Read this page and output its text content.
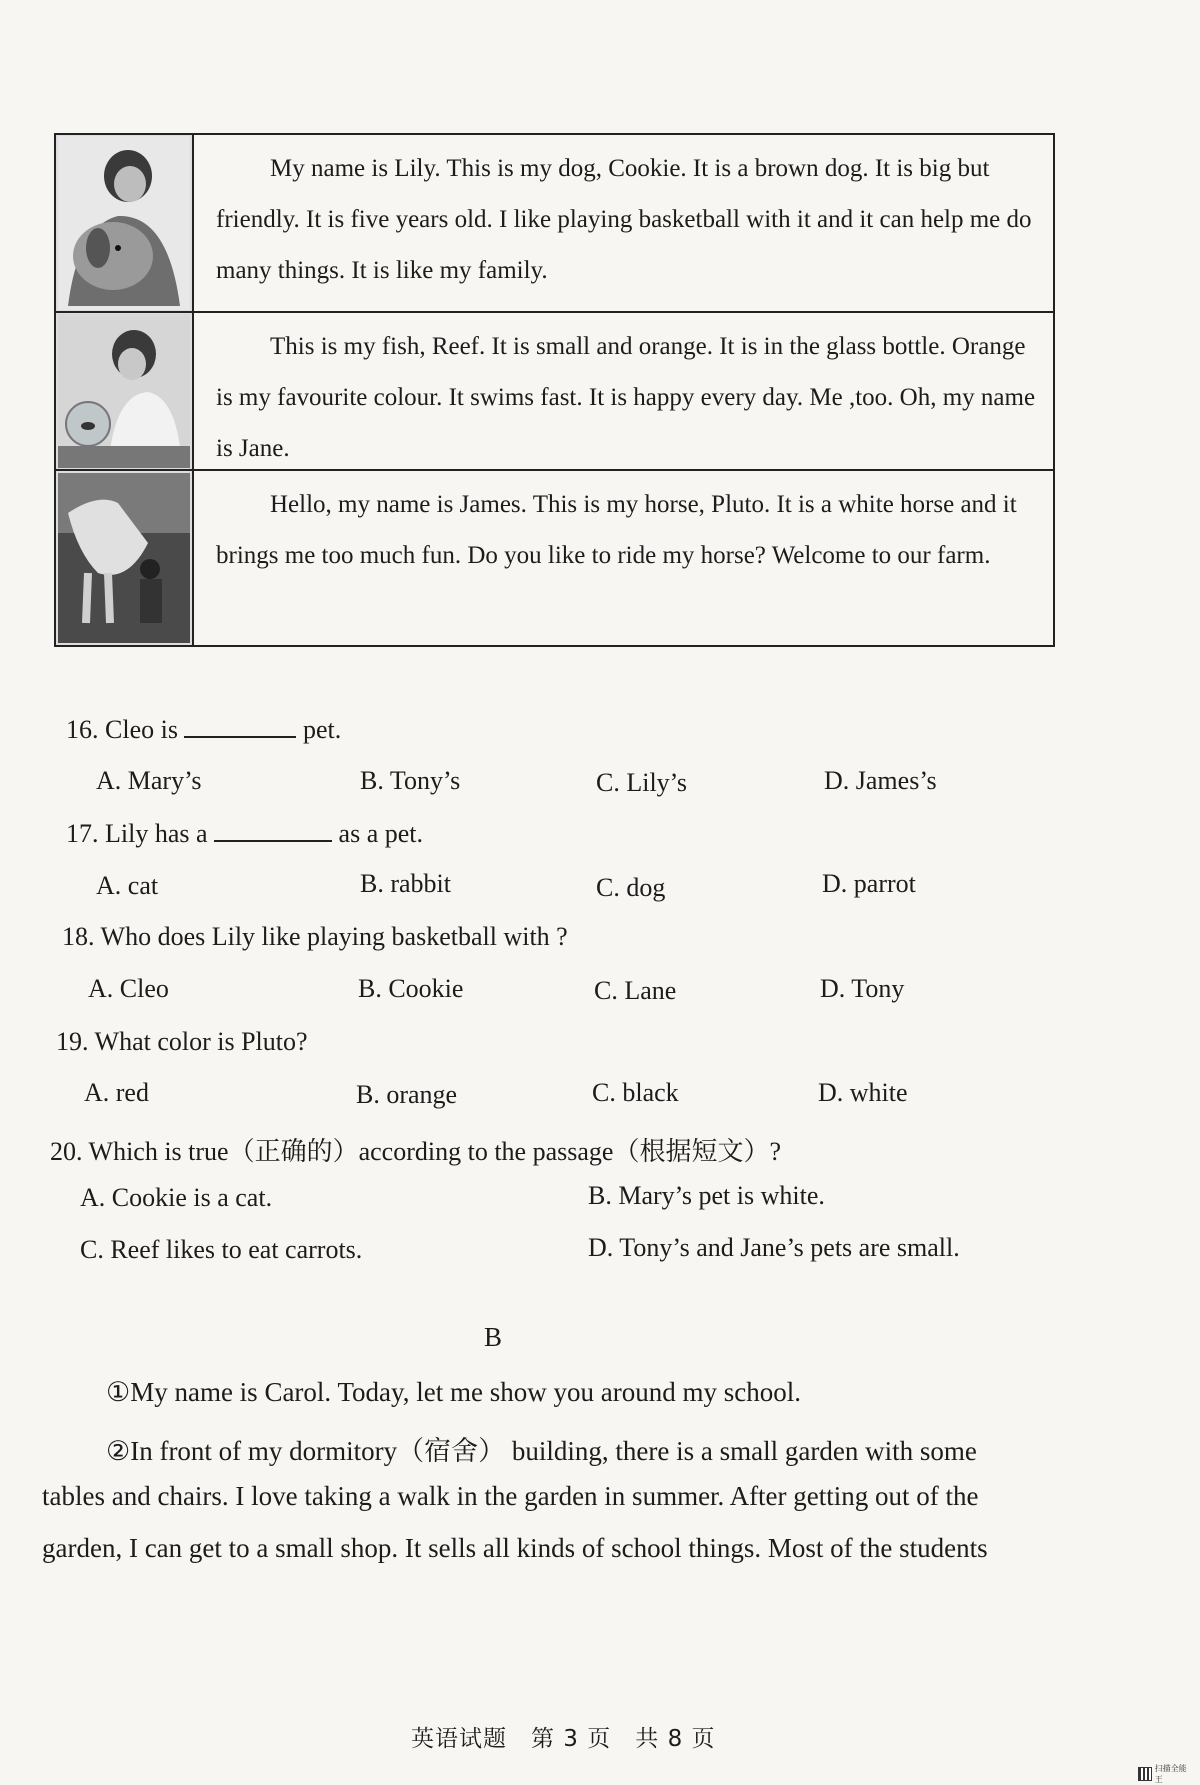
My name is Lily. This is my dog, Cookie. It is a brown dog. It is big but friendly. It is five years old. I like playing basketball with it and it can help me do many things. It is like my family.
This is my fish, Reef. It is small and orange. It is in the glass bottle. Orange is my favourite colour. It swims fast. It is happy every day. Me ,too. Oh, my name is Jane.
Hello, my name is James. This is my horse, Pluto. It is a white horse and it brings me too much fun. Do you like to ride my horse? Welcome to our farm.
16. Cleo is	pet.
A. Mary’s	B. Tony’s	C. Lily’s	D. James’s
17. Lily has a	as a pet.
A. cat	B. rabbit	C. dog	D. parrot
18. Who does Lily like playing basketball with ?
A. Cleo	B. Cookie	C. Lane	D. Tony
19. What color is Pluto?
A. red	B. orange	C. black	D. white
20. Which is true（正确的）according to the passage（根据短文）?
A. Cookie is a cat.	B. Mary’s pet is white.
C. Reef likes to eat carrots.	D. Tony’s and Jane’s pets are small.
B
①My name is Carol. Today, let me show you around my school.
②In front of my dormitory（宿舍） building, there is a small garden with some
tables and chairs. I love taking a walk in the garden in summer. After getting out of the
garden, I can get to a small shop. It sells all kinds of school things. Most of the students
英语试题　第 3 页　共 8 页
扫描全能王
